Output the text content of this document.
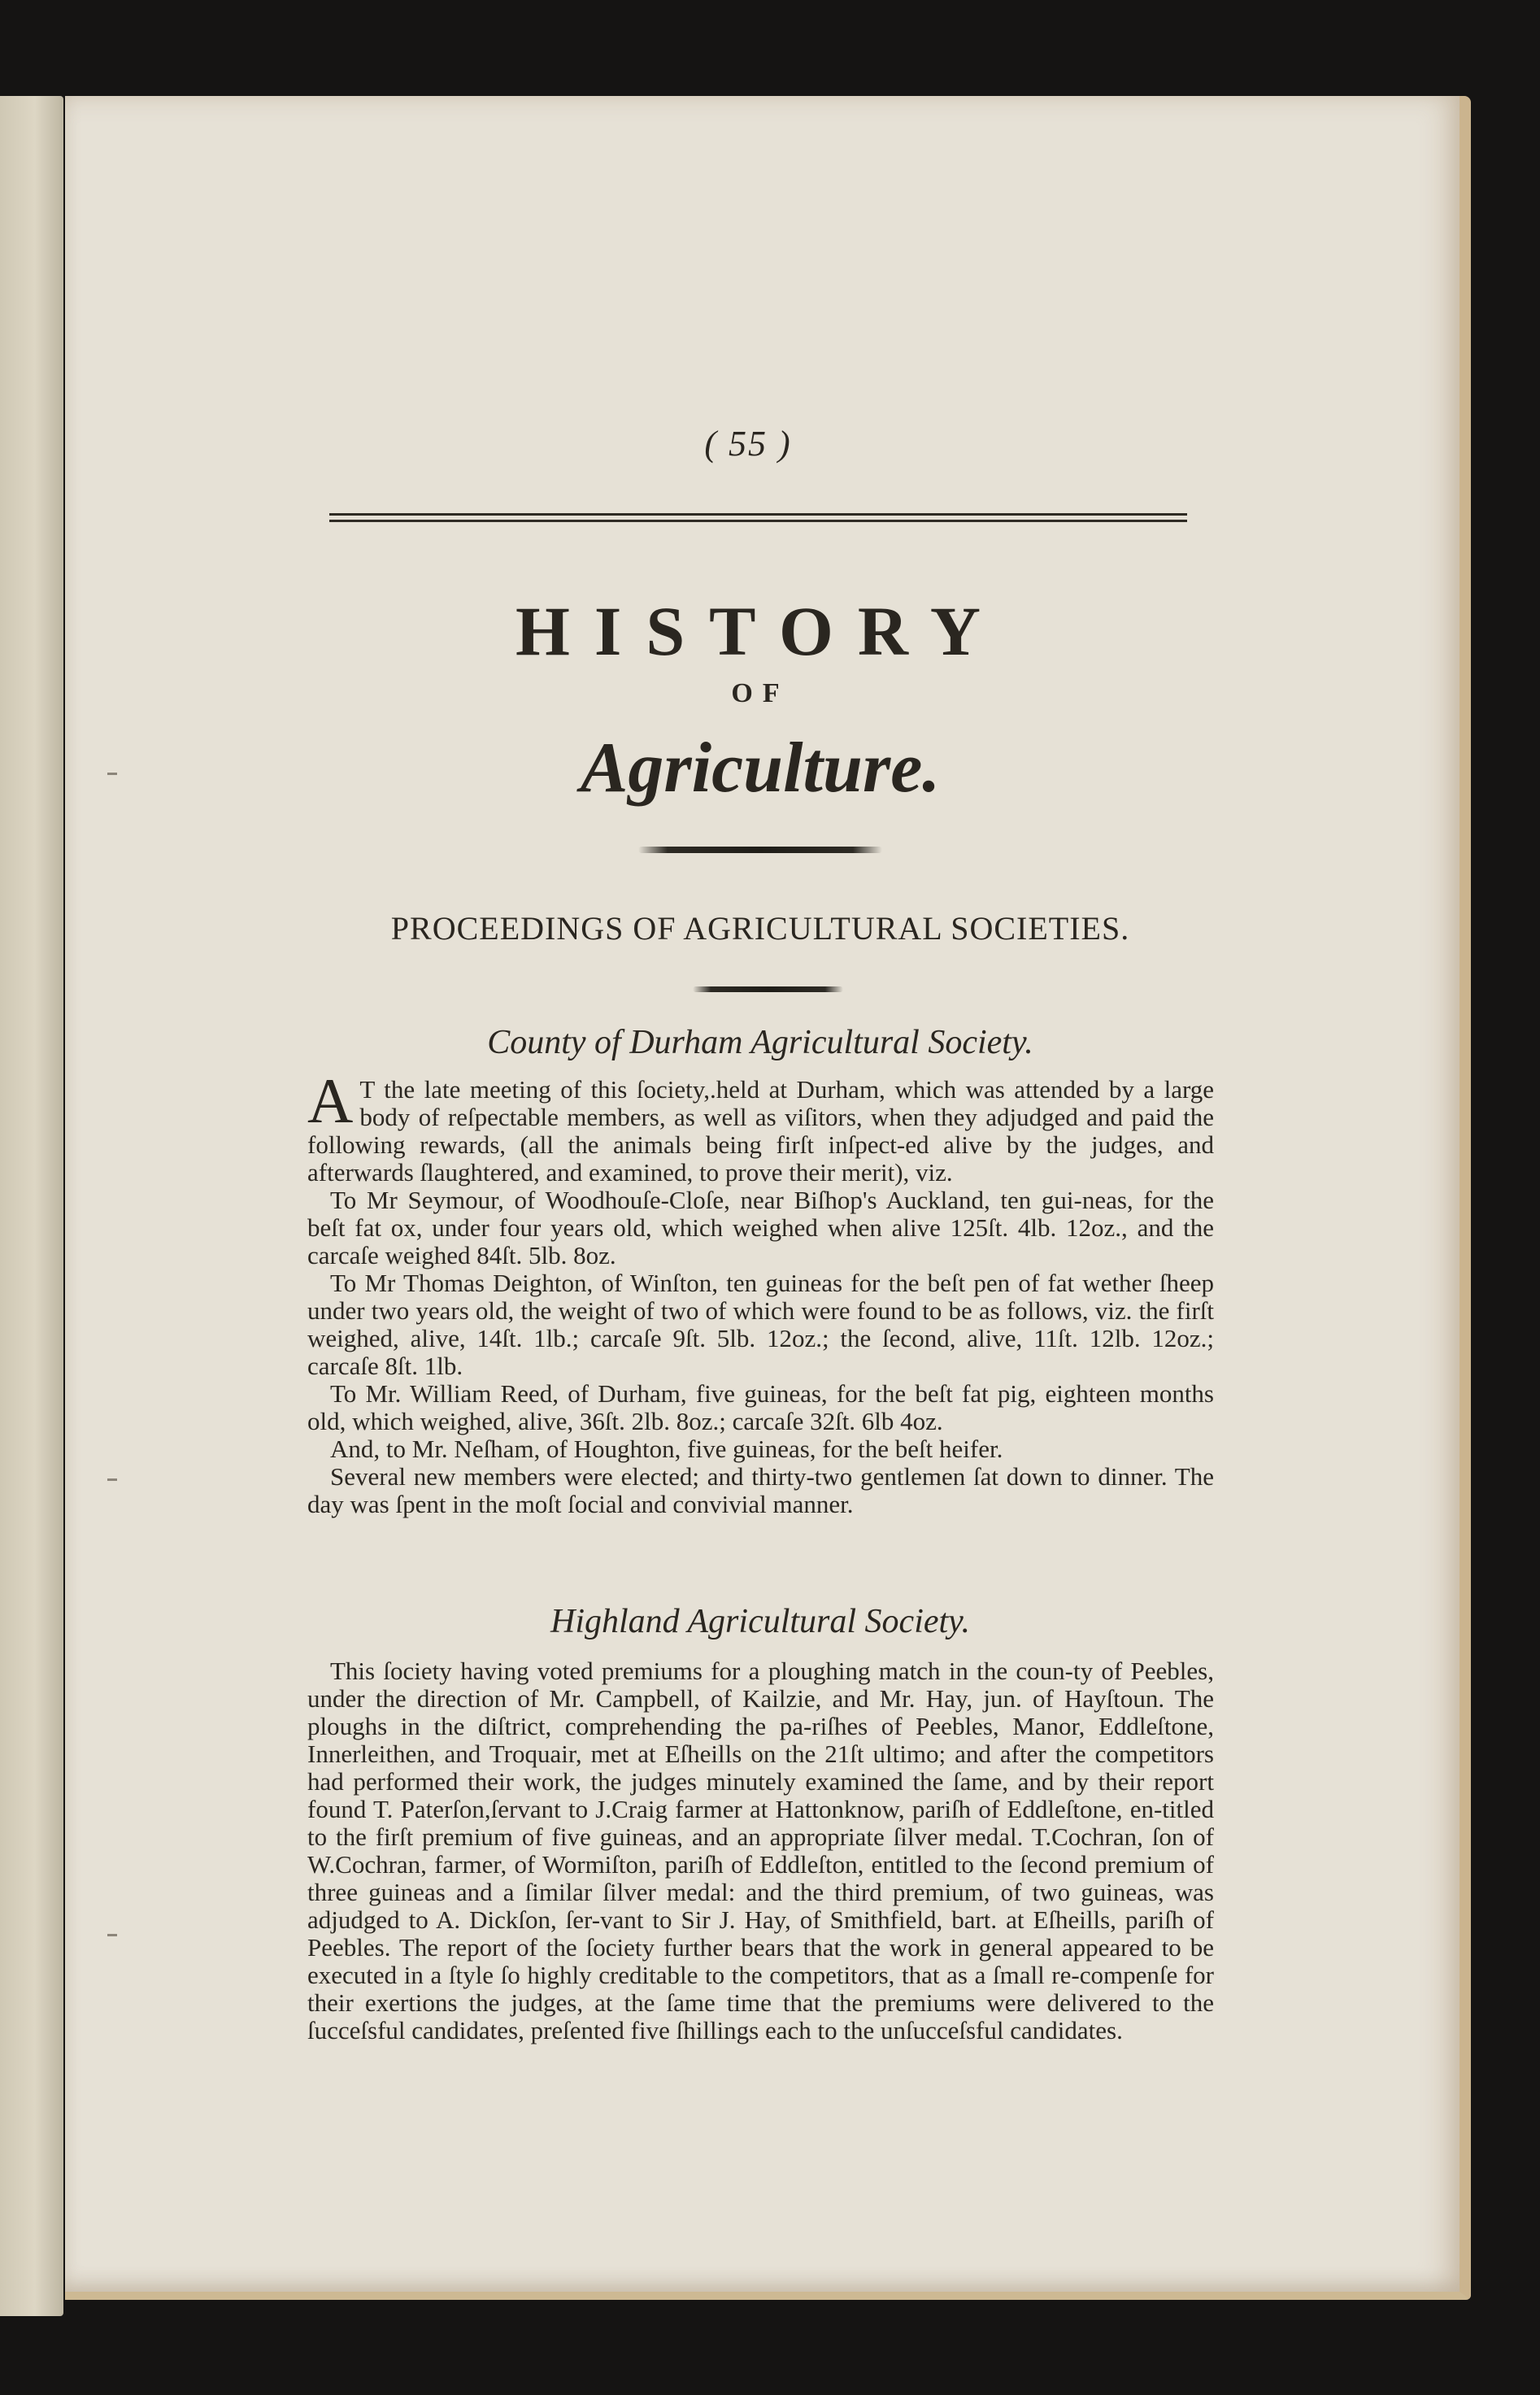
( 55 )
HISTORY
OF
Agriculture.
PROCEEDINGS OF AGRICULTURAL SOCIETIES.
County of Durham Agricultural Society.

A T the late meeting of this ſociety,.held at Durham, which was attended by a large body of reſpectable members, as well as viſitors, when they adjudged and paid the following rewards, (all the animals being firſt inſpect-ed alive by the judges, and afterwards ſlaughtered, and examined, to prove their merit), viz.

To Mr Seymour, of Woodhouſe-Cloſe, near Biſhop's Auckland, ten gui-neas, for the beſt fat ox, under four years old, which weighed when alive 125ſt. 4lb. 12oz., and the carcaſe weighed 84ſt. 5lb. 8oz.

To Mr Thomas Deighton, of Winſton, ten guineas for the beſt pen of fat wether ſheep under two years old, the weight of two of which were found to be as follows, viz. the firſt weighed, alive, 14ſt. 1lb.; carcaſe 9ſt. 5lb. 12oz.; the ſecond, alive, 11ſt. 12lb. 12oz.; carcaſe 8ſt. 1lb.

To Mr. William Reed, of Durham, five guineas, for the beſt fat pig, eighteen months old, which weighed, alive, 36ſt. 2lb. 8oz.; carcaſe 32ſt. 6lb 4oz.

And, to Mr. Neſham, of Houghton, five guineas, for the beſt heifer.

Several new members were elected; and thirty-two gentlemen ſat down to dinner. The day was ſpent in the moſt ſocial and convivial manner.

Highland Agricultural Society.

This ſociety having voted premiums for a ploughing match in the coun-ty of Peebles, under the direction of Mr. Campbell, of Kailzie, and Mr. Hay, jun. of Hayſtoun. The ploughs in the diſtrict, comprehending the pa-riſhes of Peebles, Manor, Eddleſtone, Innerleithen, and Troquair, met at Eſheills on the 21ſt ultimo; and after the competitors had performed their work, the judges minutely examined the ſame, and by their report found T. Paterſon,ſervant to J.Craig farmer at Hattonknow, pariſh of Eddleſtone, en-titled to the firſt premium of five guineas, and an appropriate ſilver medal. T.Cochran, ſon of W.Cochran, farmer, of Wormiſton, pariſh of Eddleſton, entitled to the ſecond premium of three guineas and a ſimilar ſilver medal: and the third premium, of two guineas, was adjudged to A. Dickſon, ſer-vant to Sir J. Hay, of Smithfield, bart. at Eſheills, pariſh of Peebles. The report of the ſociety further bears that the work in general appeared to be executed in a ſtyle ſo highly creditable to the competitors, that as a ſmall re-compenſe for their exertions the judges, at the ſame time that the premiums were delivered to the ſucceſsful candidates, preſented five ſhillings each to the unſucceſsful candidates.
